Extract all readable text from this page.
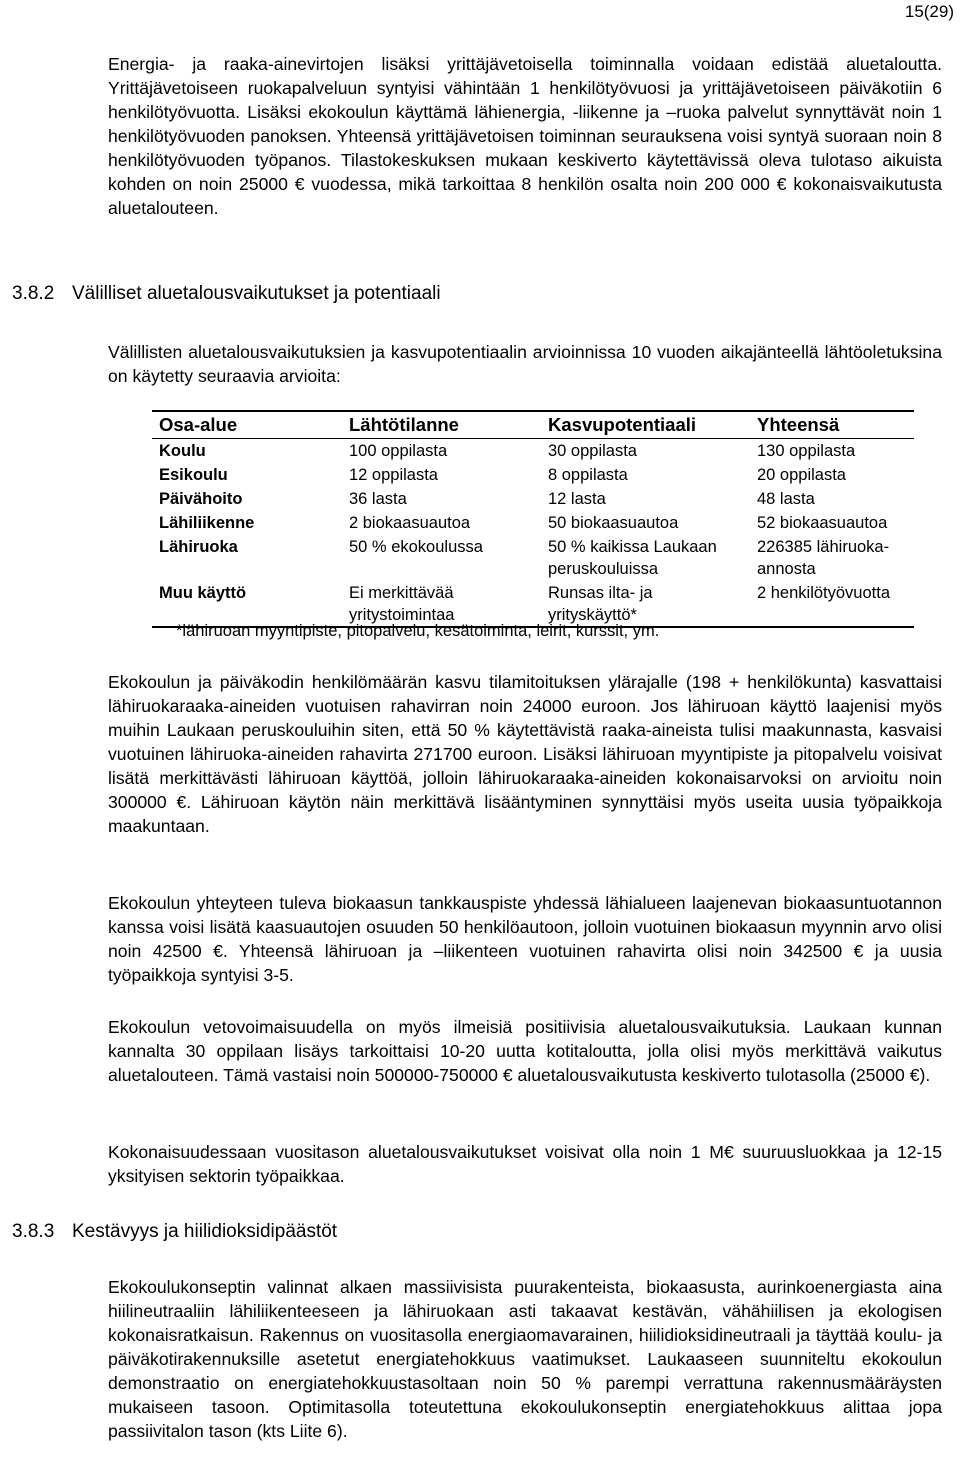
15(29)

Energia- ja raaka-ainevirtojen lisäksi yrittäjävetoisella toiminnalla voidaan edistää aluetaloutta. Yrittäjävetoiseen ruokapalveluun syntyisi vähintään 1 henkilötyövuosi ja yrittäjävetoiseen päiväkotiin 6 henkilötyövuotta. Lisäksi ekokoulun käyttämä lähienergia, -liikenne ja –ruoka palvelut synnyttävät noin 1 henkilötyövuoden panoksen. Yhteensä yrittäjävetoisen toiminnan seurauksena voisi syntyä suoraan noin 8 henkilötyövuoden työpanos. Tilastokeskuksen mukaan keskiverto käytettävissä oleva tulotaso aikuista kohden on noin 25000 € vuodessa, mikä tarkoittaa 8 henkilön osalta noin 200 000 € kokonaisvaikutusta aluetalouteen.

3.8.2 Välilliset aluetalousvaikutukset ja potentiaali

Välillisten aluetalousvaikutuksien ja kasvupotentiaalin arvioinnissa 10 vuoden aikajänteellä lähtöoletuksina on käytetty seuraavia arvioita:

Osa-alue	Lähtötilanne	Kasvupotentiaali	Yhteensä
Koulu	100 oppilasta	30 oppilasta	130 oppilasta
Esikoulu	12 oppilasta	8 oppilasta	20 oppilasta
Päivähoito	36 lasta	12 lasta	48 lasta
Lähiliikenne	2 biokaasuautoa	50 biokaasuautoa	52 biokaasuautoa
Lähiruoka	50 % ekokoulussa	50 % kaikissa Laukaan peruskouluissa	226385 lähiruoka-annosta
Muu käyttö	Ei merkittävää yritystoimintaa	Runsas ilta- ja yrityskäyttö*	2 henkilötyövuotta
*lähiruoan myyntipiste, pitopalvelu, kesätoiminta, leirit, kurssit, ym.

Ekokoulun ja päiväkodin henkilömäärän kasvu tilamitoituksen ylärajalle (198 + henkilökunta) kasvattaisi lähiruokaraaka-aineiden vuotuisen rahavirran noin 24000 euroon. Jos lähiruoan käyttö laajenisi myös muihin Laukaan peruskouluihin siten, että 50 % käytettävistä raaka-aineista tulisi maakunnasta, kasvaisi vuotuinen lähiruoka-aineiden rahavirta 271700 euroon. Lisäksi lähiruoan myyntipiste ja pitopalvelu voisivat lisätä merkittävästi lähiruoan käyttöä, jolloin lähiruokaraaka-aineiden kokonaisarvoksi on arvioitu noin 300000 €. Lähiruoan käytön näin merkittävä lisääntyminen synnyttäisi myös useita uusia työpaikkoja maakuntaan.

Ekokoulun yhteyteen tuleva biokaasun tankkauspiste yhdessä lähialueen laajenevan biokaasuntuotannon kanssa voisi lisätä kaasuautojen osuuden 50 henkilöautoon, jolloin vuotuinen biokaasun myynnin arvo olisi noin 42500 €. Yhteensä lähiruoan ja –liikenteen vuotuinen rahavirta olisi noin 342500 € ja uusia työpaikkoja syntyisi 3-5.

Ekokoulun vetovoimaisuudella on myös ilmeisiä positiivisia aluetalousvaikutuksia. Laukaan kunnan kannalta 30 oppilaan lisäys tarkoittaisi 10-20 uutta kotitaloutta, jolla olisi myös merkittävä vaikutus aluetalouteen. Tämä vastaisi noin 500000-750000 € aluetalousvaikutusta keskiverto tulotasolla (25000 €).

Kokonaisuudessaan vuositason aluetalousvaikutukset voisivat olla noin 1 M€ suuruusluokkaa ja 12-15 yksityisen sektorin työpaikkaa.

3.8.3 Kestävyys ja hiilidioksidipäästöt

Ekokoulukonseptin valinnat alkaen massiivisista puurakenteista, biokaasusta, aurinkoenergiasta aina hiilineutraaliin lähiliikenteeseen ja lähiruokaan asti takaavat kestävän, vähähiilisen ja ekologisen kokonaisratkaisun. Rakennus on vuositasolla energiaomavarainen, hiilidioksidineutraali ja täyttää koulu- ja päiväkotirakennuksille asetetut energiatehokkuus vaatimukset. Laukaaseen suunniteltu ekokoulun demonstraatio on energiatehokkuustasoltaan noin 50 % parempi verrattuna rakennusmääräysten mukaiseen tasoon. Optimitasolla toteutettuna ekokoulukonseptin energiatehokkuus alittaa jopa passiivitalon tason (kts Liite 6).
